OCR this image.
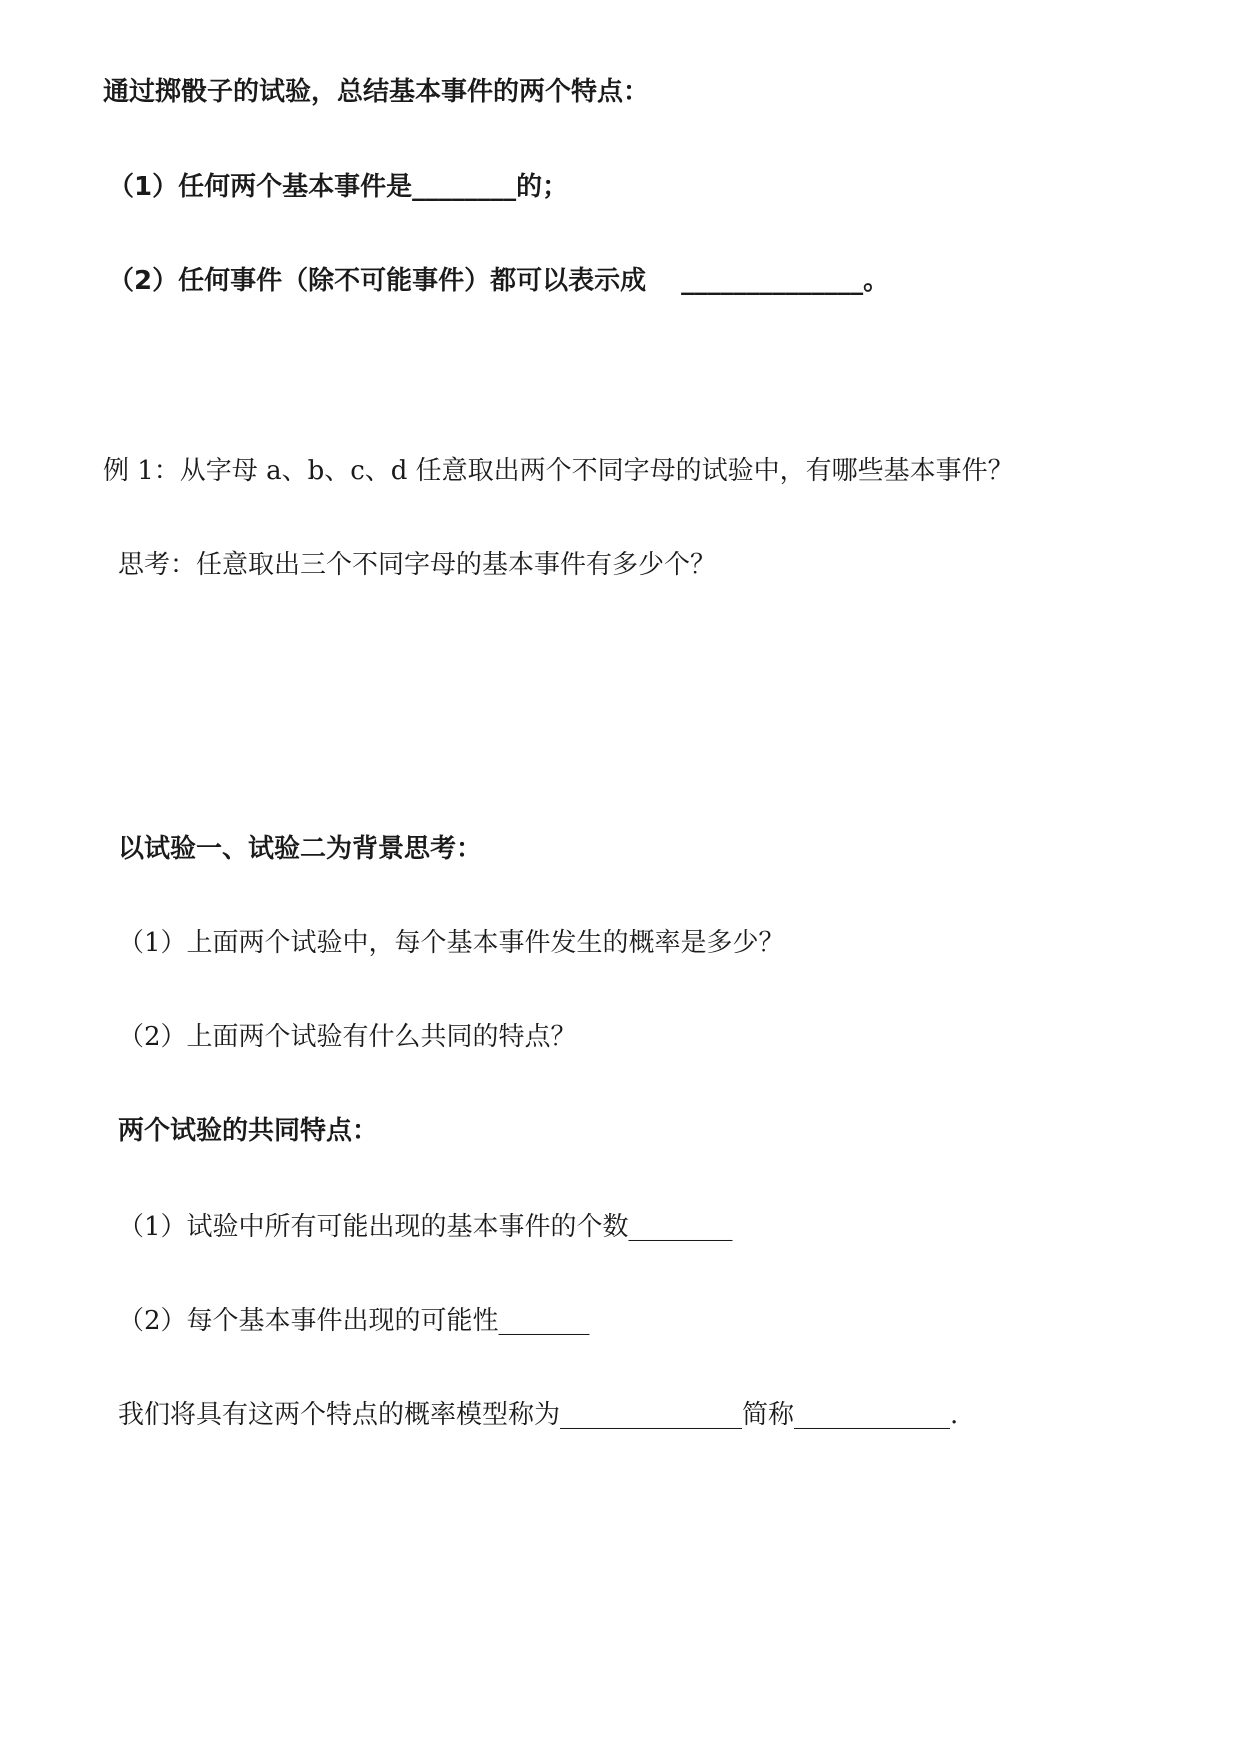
通过掷骰子的试验，总结基本事件的两个特点：
（1）任何两个基本事件是________的；
（2）任何事件（除不可能事件）都可以表示成　 ______________。
例 1：从字母 a、b、c、d 任意取出两个不同字母的试验中，有哪些基本事件？
思考：任意取出三个不同字母的基本事件有多少个？
以试验一、试验二为背景思考：
（1）上面两个试验中，每个基本事件发生的概率是多少？
（2）上面两个试验有什么共同的特点？
两个试验的共同特点：
（1）试验中所有可能出现的基本事件的个数________
（2）每个基本事件出现的可能性_______
我们将具有这两个特点的概率模型称为______________简称____________.
